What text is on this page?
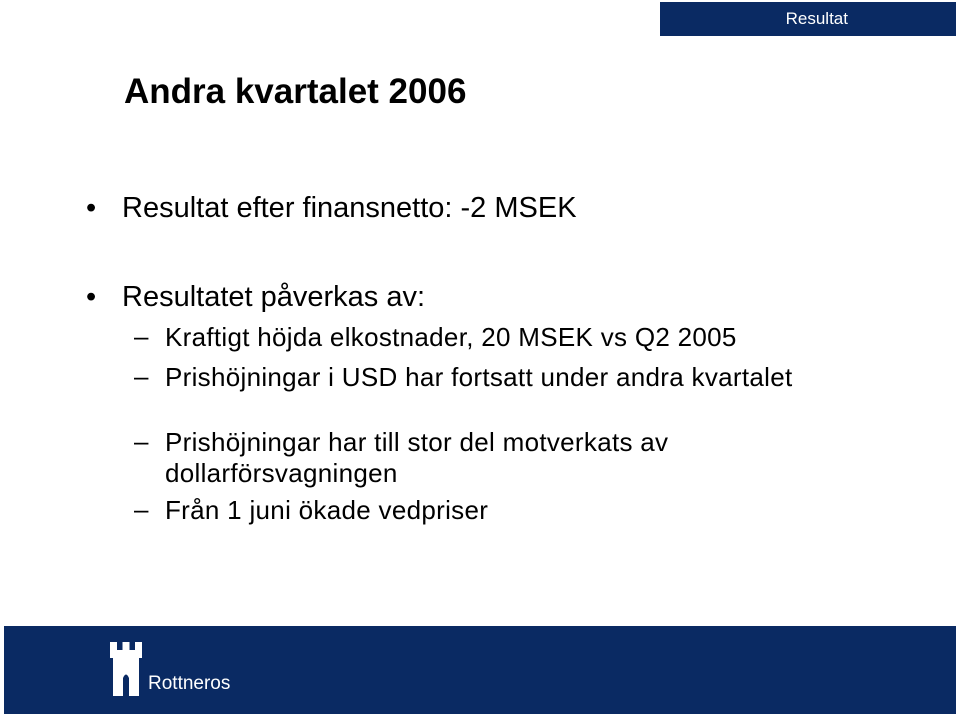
Resultat
Andra kvartalet 2006
• Resultat efter finansnetto: -2 MSEK
• Resultatet påverkas av:
– Kraftigt höjda elkostnader, 20 MSEK vs Q2 2005
– Prishöjningar i USD har fortsatt under andra kvartalet
– Prishöjningar har till stor del motverkats av dollarförsvagningen
– Från 1 juni ökade vedpriser
Rottneros
